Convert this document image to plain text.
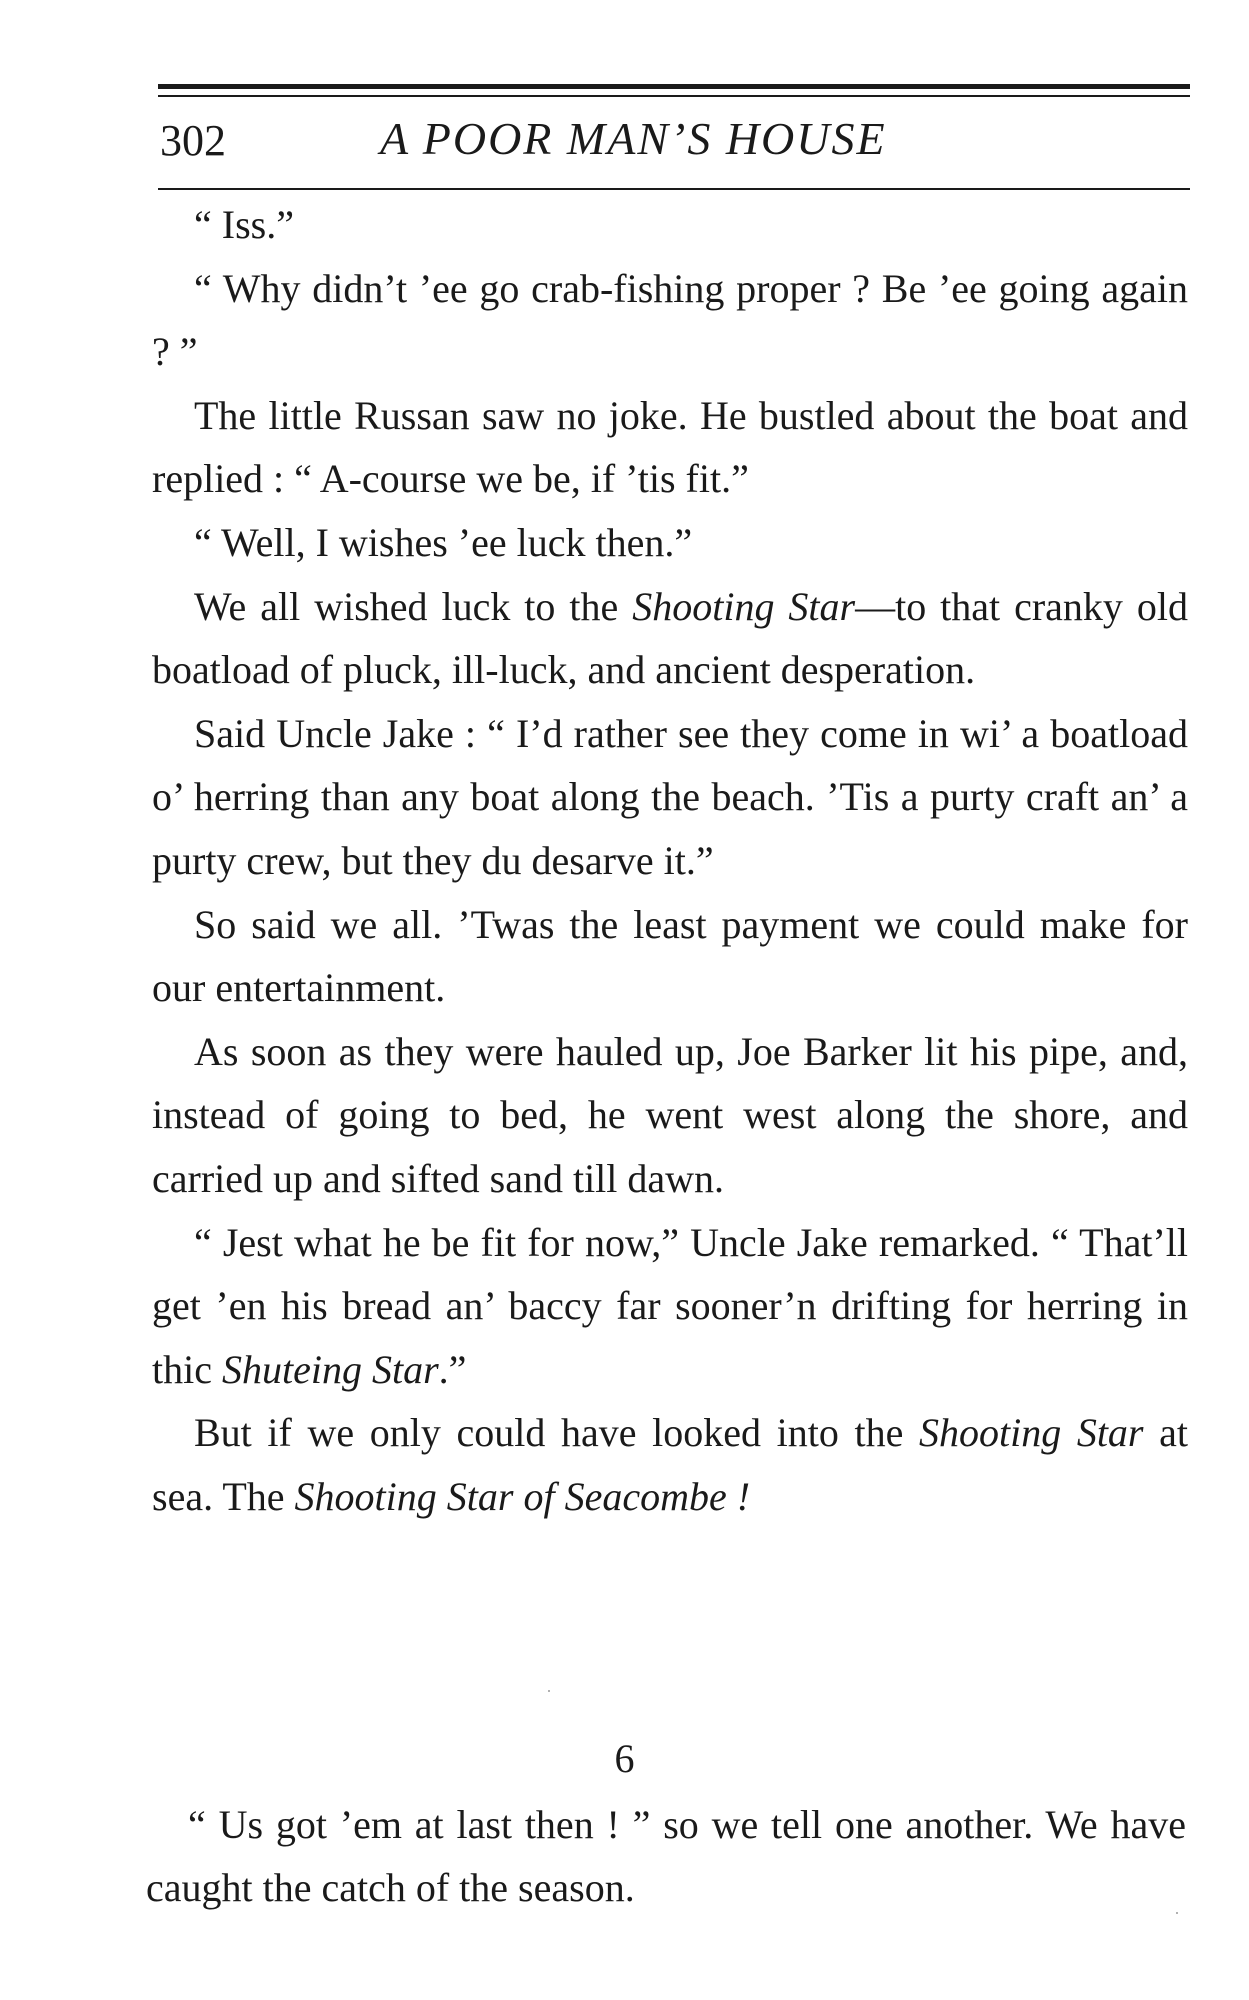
302	A POOR MAN’S HOUSE

“ Iss.”

“ Why didn’t ’ee go crab-fishing proper ? Be ’ee going again ? ”

The little Russan saw no joke. He bustled about the boat and replied : “ A-course we be, if ’tis fit.”

“ Well, I wishes ’ee luck then.”

We all wished luck to the Shooting Star—to that cranky old boatload of pluck, ill-luck, and ancient desperation.

Said Uncle Jake : “ I’d rather see they come in wi’ a boatload o’ herring than any boat along the beach. ’Tis a purty craft an’ a purty crew, but they du desarve it.”

So said we all. ’Twas the least payment we could make for our entertainment.

As soon as they were hauled up, Joe Barker lit his pipe, and, instead of going to bed, he went west along the shore, and carried up and sifted sand till dawn.

“ Jest what he be fit for now,” Uncle Jake remarked. “ That’ll get ’en his bread an’ baccy far sooner’n drifting for herring in thic Shuteing Star.”

But if we only could have looked into the Shooting Star at sea. The Shooting Star of Seacombe !

6

“ Us got ’em at last then ! ” so we tell one another. We have caught the catch of the season.
